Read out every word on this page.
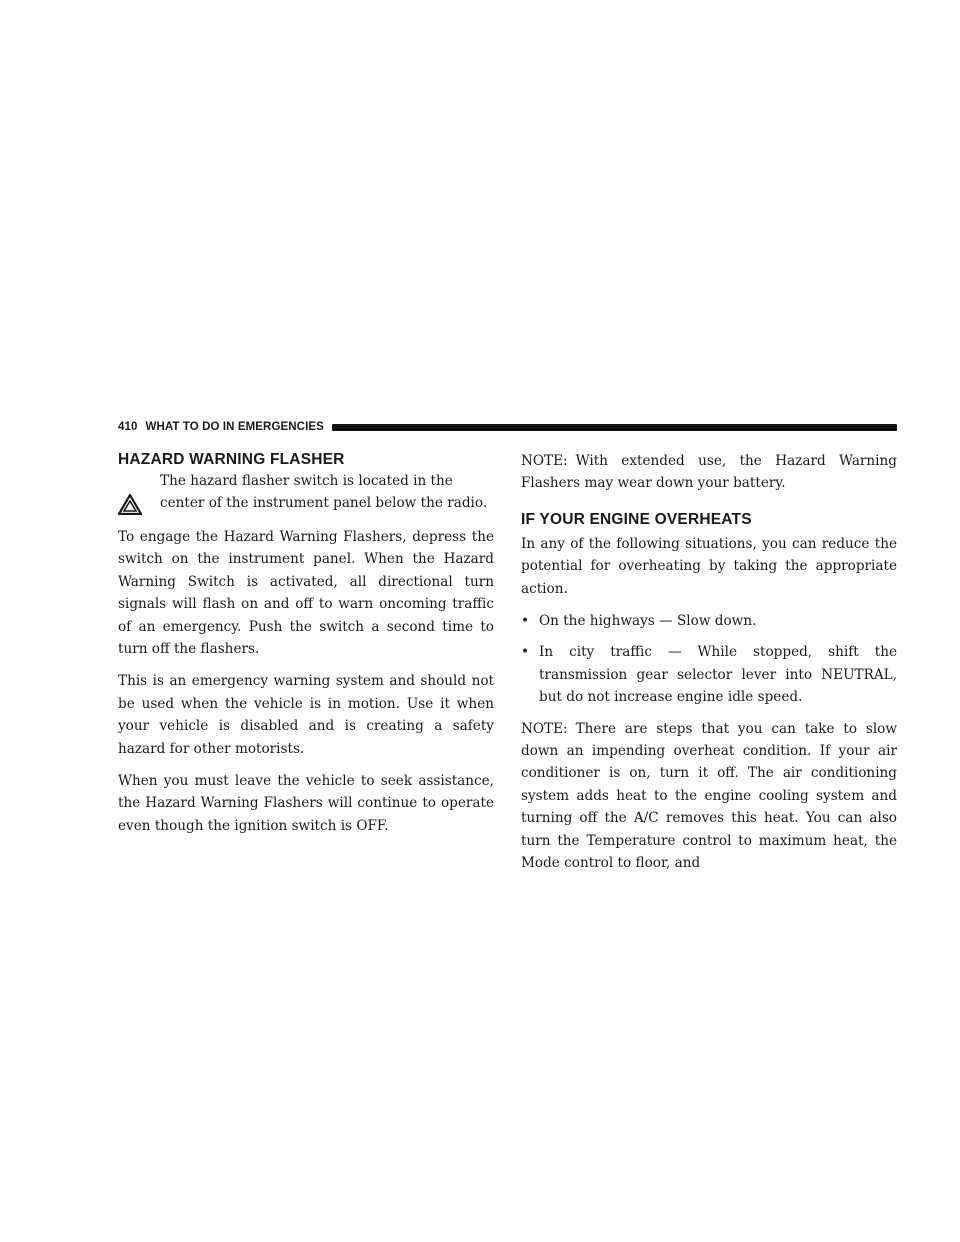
410 WHAT TO DO IN EMERGENCIES
HAZARD WARNING FLASHER

The hazard flasher switch is located in the center of the instrument panel below the radio.

To engage the Hazard Warning Flashers, depress the switch on the instrument panel. When the Hazard Warning Switch is activated, all directional turn signals will flash on and off to warn oncoming traffic of an emergency. Push the switch a second time to turn off the flashers.

This is an emergency warning system and should not be used when the vehicle is in motion. Use it when your vehicle is disabled and is creating a safety hazard for other motorists.

When you must leave the vehicle to seek assistance, the Hazard Warning Flashers will continue to operate even though the ignition switch is OFF.

NOTE: With extended use, the Hazard Warning Flashers may wear down your battery.

IF YOUR ENGINE OVERHEATS

In any of the following situations, you can reduce the potential for overheating by taking the appropriate action.

• On the highways — Slow down.
• In city traffic — While stopped, shift the transmission gear selector lever into NEUTRAL, but do not increase engine idle speed.

NOTE: There are steps that you can take to slow down an impending overheat condition. If your air conditioner is on, turn it off. The air conditioning system adds heat to the engine cooling system and turning off the A/C removes this heat. You can also turn the Temperature control to maximum heat, the Mode control to floor, and
